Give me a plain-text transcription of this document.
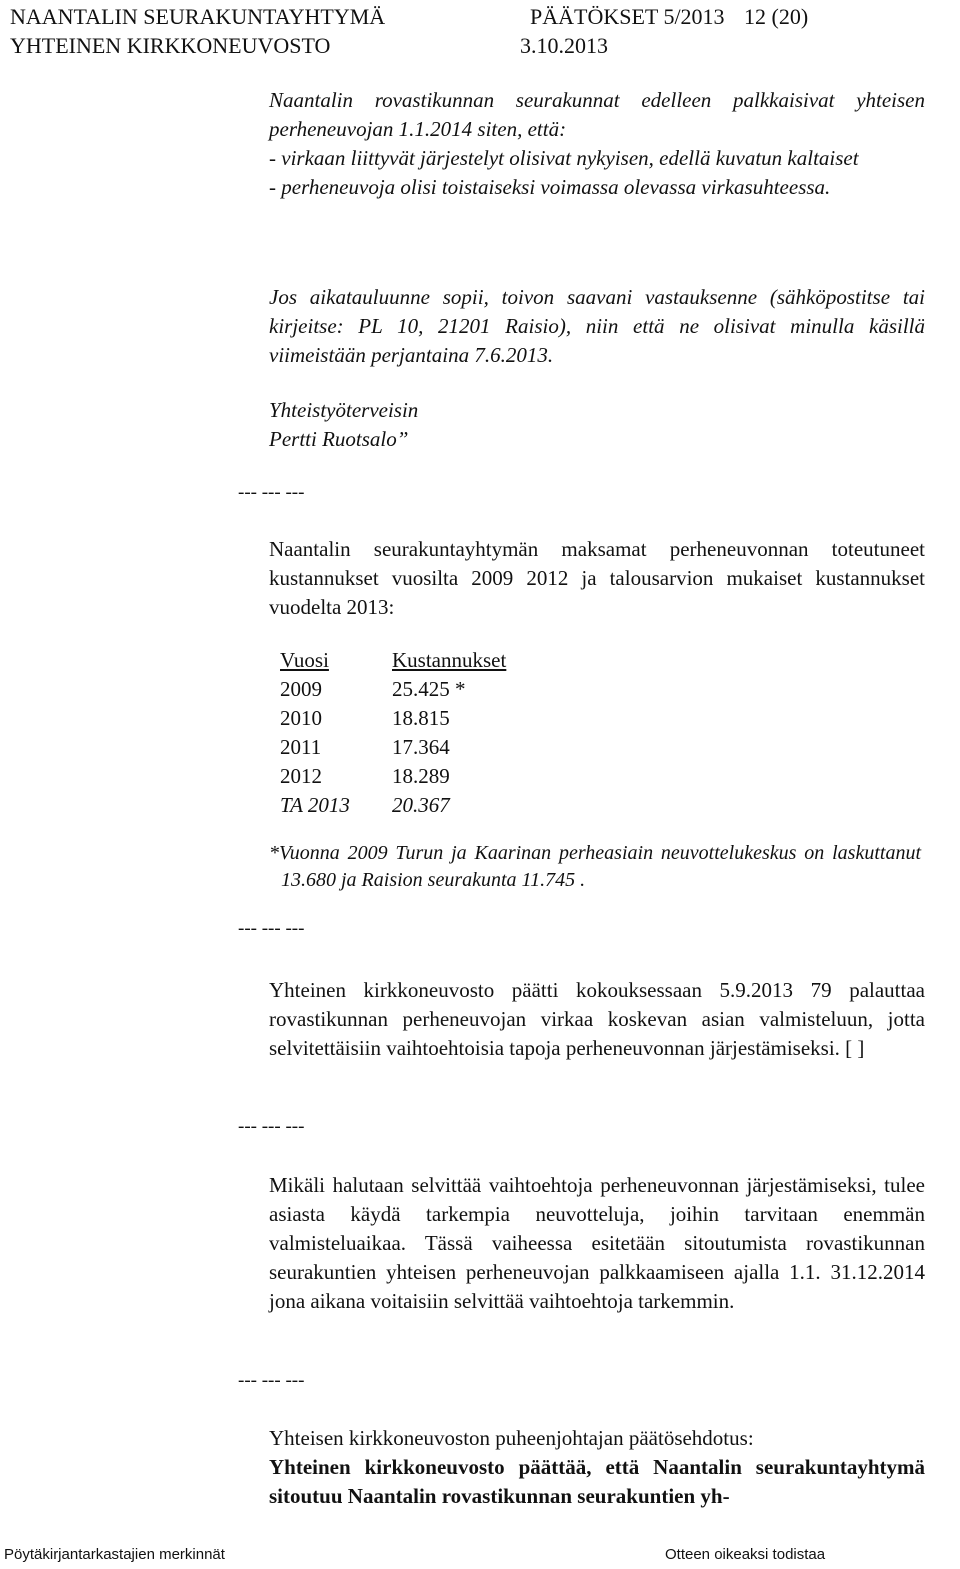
NAANTALIN SEURAKUNTAYHTYMÄ	PÄÄTÖKSET 5/2013 12 (20)
YHTEINEN KIRKKONEUVOSTO	3.10.2013

Naantalin rovastikunnan seurakunnat edelleen palkkaisivat yhteisen perheneuvojan 1.1.2014 siten, että:

- virkaan liittyvät järjestelyt olisivat nykyisen, edellä kuvatun kaltaiset

- perheneuvoja olisi toistaiseksi voimassa olevassa virkasuhteessa.

Jos aikatauluunne sopii, toivon saavani vastauksenne (sähköpostitse tai kirjeitse: PL 10, 21201 Raisio), niin että ne olisivat minulla käsillä viimeistään perjantaina 7.6.2013.

Yhteistyöterveisin
Pertti Ruotsalo”
--- --- ---

Naantalin seurakuntayhtymän maksamat perheneuvonnan toteutuneet kustannukset vuosilta 2009 2012 ja talousarvion mukaiset kustannukset vuodelta 2013:

Vuosi	Kustannukset
2009	25.425 *
2010	18.815
2011	17.364
2012	18.289
TA 2013	20.367

*Vuonna 2009 Turun ja Kaarinan perheasiain neuvottelukeskus on laskuttanut 13.680 ja Raision seurakunta 11.745 .

--- --- ---

Yhteinen kirkkoneuvosto päätti kokouksessaan 5.9.2013 79 palauttaa rovastikunnan perheneuvojan virkaa koskevan asian valmisteluun, jotta selvitettäisiin vaihtoehtoisia tapoja perheneuvonnan järjestämiseksi. [ ]

--- --- ---

Mikäli halutaan selvittää vaihtoehtoja perheneuvonnan järjestämiseksi, tulee asiasta käydä tarkempia neuvotteluja, joihin tarvitaan enemmän valmisteluaikaa. Tässä vaiheessa esitetään sitoutumista rovastikunnan seurakuntien yhteisen perheneuvojan palkkaamiseen ajalla 1.1. 31.12.2014 jona aikana voitaisiin selvittää vaihtoehtoja tarkemmin.

--- --- ---
Yhteisen kirkkoneuvoston puheenjohtajan päätösehdotus:

Yhteinen kirkkoneuvosto päättää, että Naantalin seurakuntayhtymä sitoutuu Naantalin rovastikunnan seurakuntien yh-

Pöytäkirjantarkastajien merkinnät	Otteen oikeaksi todistaa
